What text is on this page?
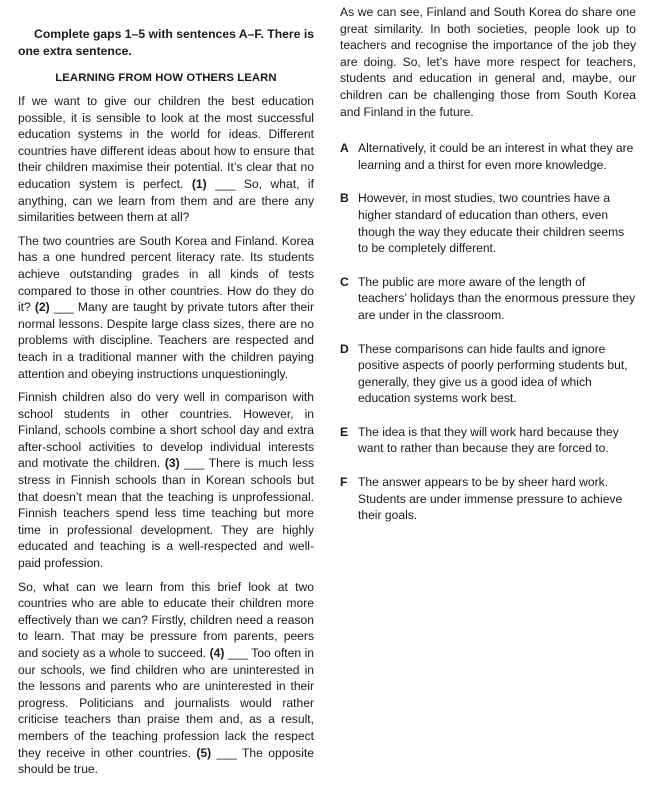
Complete gaps 1–5 with sentences A–F. There is
one extra sentence.
LEARNING FROM HOW OTHERS LEARN

If we want to give our children the best education possible, it is sensible to look at the most successful education systems in the world for ideas. Different countries have different ideas about how to ensure that their children maximise their potential. It’s clear that no education system is perfect. (1) ___ So, what, if anything, can we learn from them and are there any similarities between them at all?

The two countries are South Korea and Finland. Korea has a one hundred percent literacy rate. Its students achieve outstanding grades in all kinds of tests compared to those in other countries. How do they do it? (2) ___ Many are taught by private tutors after their normal lessons. Despite large class sizes, there are no problems with discipline. Teachers are respected and teach in a traditional manner with the children paying attention and obeying instructions unquestioningly.

Finnish children also do very well in comparison with school students in other countries. However, in Finland, schools combine a short school day and extra after-school activities to develop individual interests and motivate the children. (3) ___ There is much less stress in Finnish schools than in Korean schools but that doesn’t mean that the teaching is unprofessional. Finnish teachers spend less time teaching but more time in professional development. They are highly educated and teaching is a well-respected and well-paid profession.

So, what can we learn from this brief look at two countries who are able to educate their children more effectively than we can? Firstly, children need a reason to learn. That may be pressure from parents, peers and society as a whole to succeed. (4) ___ Too often in our schools, we find children who are uninterested in the lessons and parents who are uninterested in their progress. Politicians and journalists would rather criticise teachers than praise them and, as a result, members of the teaching profession lack the respect they receive in other countries. (5) ___ The opposite should be true.

As we can see, Finland and South Korea do share one great similarity. In both societies, people look up to teachers and recognise the importance of the job they are doing. So, let’s have more respect for teachers, students and education in general and, maybe, our children can be challenging those from South Korea and Finland in the future.

A Alternatively, it could be an interest in what they are learning and a thirst for even more knowledge.
B However, in most studies, two countries have a higher standard of education than others, even though the way they educate their children seems to be completely different.
C The public are more aware of the length of teachers’ holidays than the enormous pressure they are under in the classroom.
D These comparisons can hide faults and ignore positive aspects of poorly performing students but, generally, they give us a good idea of which education systems work best.
E The idea is that they will work hard because they want to rather than because they are forced to.
F The answer appears to be by sheer hard work. Students are under immense pressure to achieve their goals.
